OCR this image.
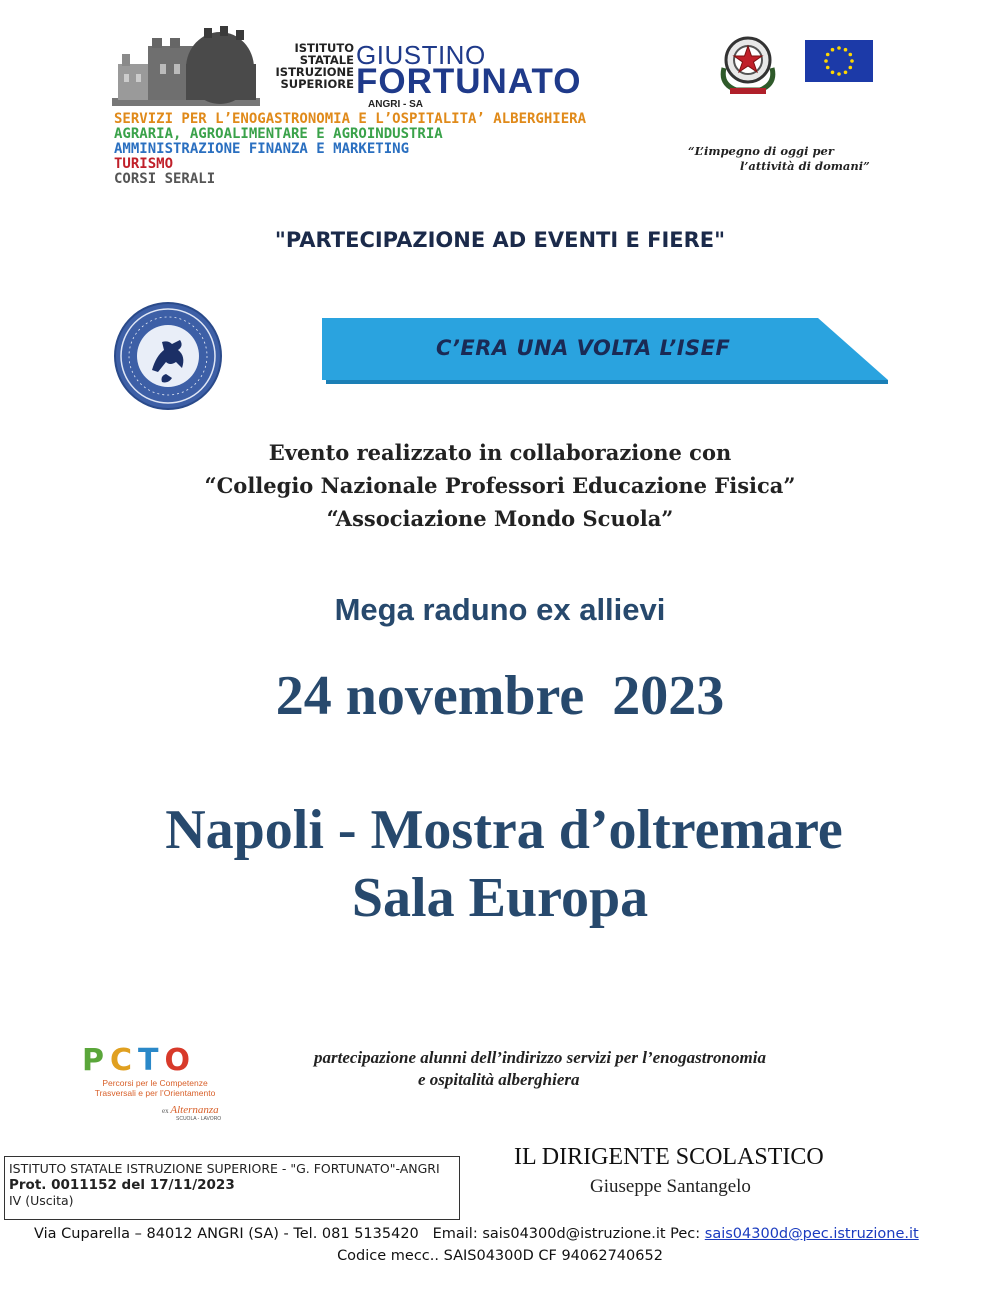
ISTITUTO
STATALE
ISTRUZIONE
SUPERIORE
GIUSTINO
FORTUNATO
ANGRI - SA
SERVIZI PER L’ENOGASTRONOMIA E L’OSPITALITA’ ALBERGHIERA
AGRARIA, AGROALIMENTARE E AGROINDUSTRIA
AMMINISTRAZIONE FINANZA E MARKETING
TURISMO
CORSI SERALI
“L’impegno di oggi per
l’attività di domani”
"PARTECIPAZIONE AD EVENTI E FIERE"
C’ERA UNA VOLTA L’ISEF
Evento realizzato in collaborazione con
“Collegio Nazionale Professori Educazione Fisica”
“Associazione Mondo Scuola”
Mega raduno ex allievi
24 novembre  2023
Napoli - Mostra d’oltremare
Sala Europa
PCTO
Percorsi per le Competenze
Trasversali e per l’Orientamento
ex Alternanza
SCUOLA - LAVORO
partecipazione alunni dell’indirizzo servizi per l’enogastronomia
e ospitalità alberghiera
ISTITUTO STATALE ISTRUZIONE SUPERIORE - "G. FORTUNATO"-ANGRI
Prot. 0011152 del 17/11/2023
IV (Uscita)
IL DIRIGENTE SCOLASTICO
Giuseppe Santangelo
Via Cuparella – 84012 ANGRI (SA) - Tel. 081 5135420   Email: sais04300d@istruzione.it Pec: sais04300d@pec.istruzione.it
Codice mecc.. SAIS04300D CF 94062740652
